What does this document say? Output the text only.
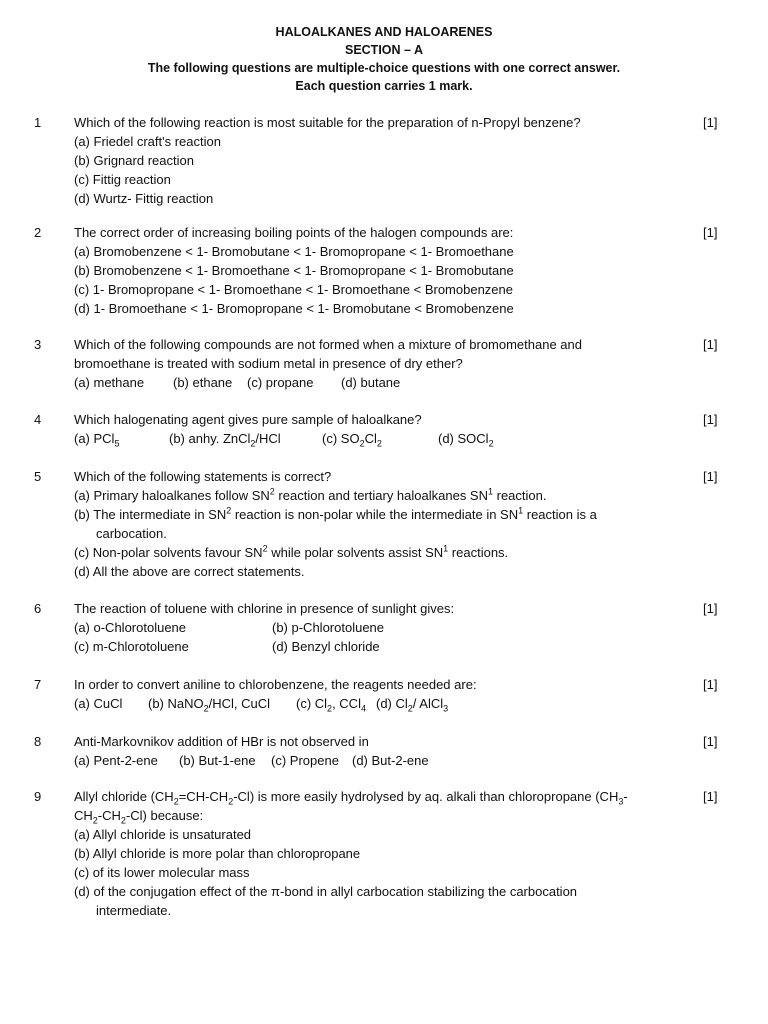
HALOALKANES AND HALOARENES
SECTION – A
The following questions are multiple-choice questions with one correct answer.
Each question carries 1 mark.
1	Which of the following reaction is most suitable for the preparation of n-Propyl benzene?
(a) Friedel craft's reaction
(b) Grignard reaction
(c) Fittig reaction
(d) Wurtz- Fittig reaction
[1]
2	The correct order of increasing boiling points of the halogen compounds are:
(a) Bromobenzene < 1- Bromobutane < 1- Bromopropane < 1- Bromoethane
(b) Bromobenzene < 1- Bromoethane < 1- Bromopropane < 1- Bromobutane
(c) 1- Bromopropane < 1- Bromoethane < 1- Bromoethane < Bromobenzene
(d) 1- Bromoethane < 1- Bromopropane < 1- Bromobutane < Bromobenzene
[1]
3	Which of the following compounds are not formed when a mixture of bromomethane and
bromoethane is treated with sodium metal in presence of dry ether?
(a) methane	(b) ethane	(c) propane	(d) butane
[1]
4	Which halogenating agent gives pure sample of haloalkane?
(a) PCl$_5$	(b) anhy. ZnCl$_2$/HCl	(c) $SO_2Cl_2$	(d) SOCl$_2$
[1]
5	Which of the following statements is correct?
(a) Primary haloalkanes follow $SN^2$ reaction and tertiary haloalkanes $SN^1$ reaction.
(b) The intermediate in $SN^2$ reaction is non-polar while the intermediate in $SN^1$ reaction is a
carbocation.
(c) Non-polar solvents favour $SN^2$ while polar solvents assist $SN^1$ reactions.
(d) All the above are correct statements.
[1]
6	The reaction of toluene with chlorine in presence of sunlight gives:
(a) o-Chlorotoluene	(b) p-Chlorotoluene
(c) m-Chlorotoluene	(d) Benzyl chloride
[1]
7	In order to convert aniline to chlorobenzene, the reagents needed are:
(a) CuCl	(b) NaNO$_2$/HCl, CuCl	(c) $Cl_2$, CCl$_4$ (d) $Cl_2/$ AlCl$_3$
[1]
8	Anti-Markovnikov addition of HBr is not observed in
(a) Pent-2-ene	(b) But-1-ene	(c) Propene	(d) But-2-ene
[1]
9	Allyl chloride $(CH_2=CH-CH_2-Cl)$ is more easily hydrolysed by aq. alkali than chloropropane ($CH_3-$
$CH_2-CH_2-Cl$) because:
(a) Allyl chloride is unsaturated
(b) Allyl chloride is more polar than chloropropane
(c) of its lower molecular mass
(d) of the conjugation effect of the π-bond in allyl carbocation stabilizing the carbocation
intermediate.
[1]
